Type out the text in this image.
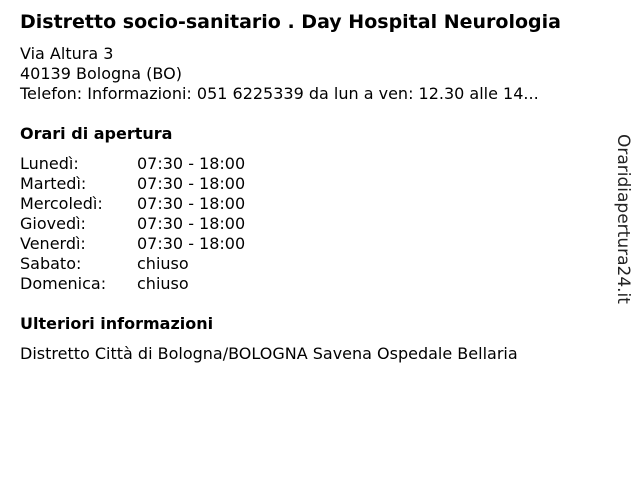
Distretto socio-sanitario . Day Hospital Neurologia
Via Altura 3
40139 Bologna (BO)
Telefon: Informazioni: 051 6225339 da lun a ven: 12.30 alle 14...
Orari di apertura
Lunedì:	07:30 - 18:00
Martedì:	07:30 - 18:00
Mercoledì:	07:30 - 18:00
Giovedì:	07:30 - 18:00
Venerdì:	07:30 - 18:00
Sabato:	chiuso
Domenica:	chiuso
Ulteriori informazioni
Distretto Città di Bologna/BOLOGNA Savena Ospedale Bellaria
Oraridiapertura24.it
